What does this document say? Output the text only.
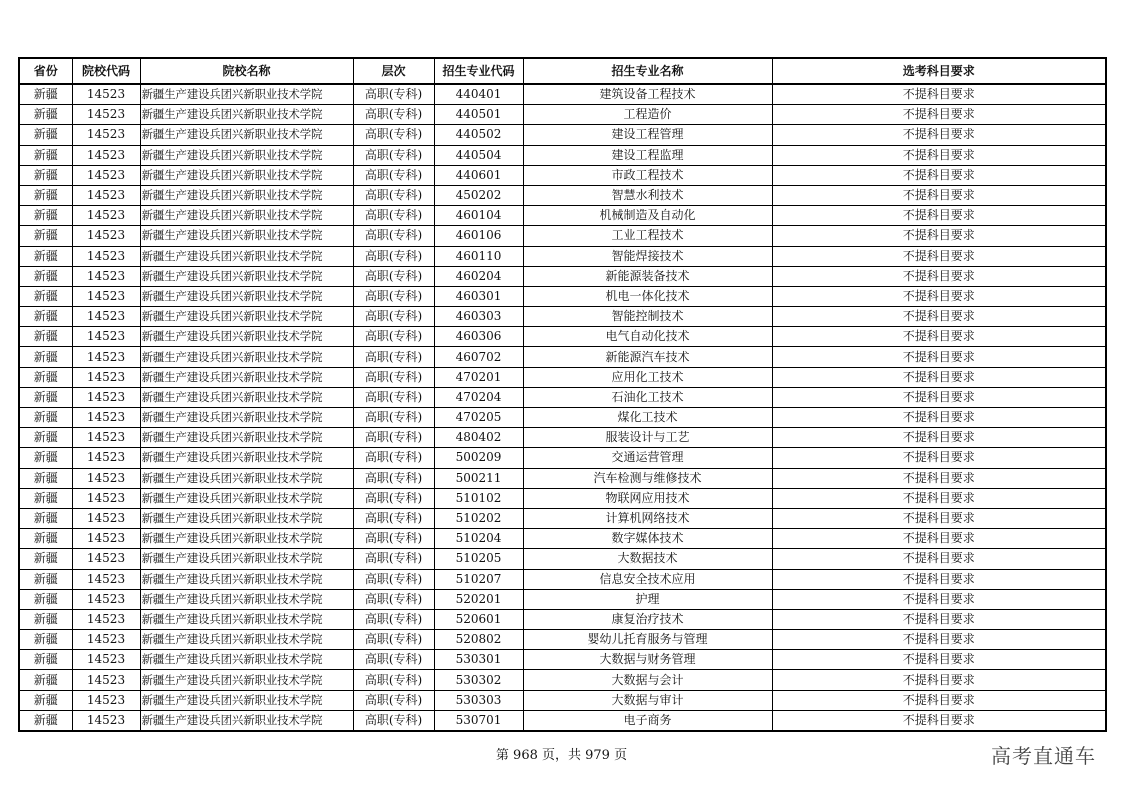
省份	院校代码	院校名称	层次	招生专业代码	招生专业名称	选考科目要求
新疆	14523	新疆生产建设兵团兴新职业技术学院	高职(专科)	440401	建筑设备工程技术	不提科目要求
新疆	14523	新疆生产建设兵团兴新职业技术学院	高职(专科)	440501	工程造价	不提科目要求
新疆	14523	新疆生产建设兵团兴新职业技术学院	高职(专科)	440502	建设工程管理	不提科目要求
新疆	14523	新疆生产建设兵团兴新职业技术学院	高职(专科)	440504	建设工程监理	不提科目要求
新疆	14523	新疆生产建设兵团兴新职业技术学院	高职(专科)	440601	市政工程技术	不提科目要求
新疆	14523	新疆生产建设兵团兴新职业技术学院	高职(专科)	450202	智慧水利技术	不提科目要求
新疆	14523	新疆生产建设兵团兴新职业技术学院	高职(专科)	460104	机械制造及自动化	不提科目要求
新疆	14523	新疆生产建设兵团兴新职业技术学院	高职(专科)	460106	工业工程技术	不提科目要求
新疆	14523	新疆生产建设兵团兴新职业技术学院	高职(专科)	460110	智能焊接技术	不提科目要求
新疆	14523	新疆生产建设兵团兴新职业技术学院	高职(专科)	460204	新能源装备技术	不提科目要求
新疆	14523	新疆生产建设兵团兴新职业技术学院	高职(专科)	460301	机电一体化技术	不提科目要求
新疆	14523	新疆生产建设兵团兴新职业技术学院	高职(专科)	460303	智能控制技术	不提科目要求
新疆	14523	新疆生产建设兵团兴新职业技术学院	高职(专科)	460306	电气自动化技术	不提科目要求
新疆	14523	新疆生产建设兵团兴新职业技术学院	高职(专科)	460702	新能源汽车技术	不提科目要求
新疆	14523	新疆生产建设兵团兴新职业技术学院	高职(专科)	470201	应用化工技术	不提科目要求
新疆	14523	新疆生产建设兵团兴新职业技术学院	高职(专科)	470204	石油化工技术	不提科目要求
新疆	14523	新疆生产建设兵团兴新职业技术学院	高职(专科)	470205	煤化工技术	不提科目要求
新疆	14523	新疆生产建设兵团兴新职业技术学院	高职(专科)	480402	服装设计与工艺	不提科目要求
新疆	14523	新疆生产建设兵团兴新职业技术学院	高职(专科)	500209	交通运营管理	不提科目要求
新疆	14523	新疆生产建设兵团兴新职业技术学院	高职(专科)	500211	汽车检测与维修技术	不提科目要求
新疆	14523	新疆生产建设兵团兴新职业技术学院	高职(专科)	510102	物联网应用技术	不提科目要求
新疆	14523	新疆生产建设兵团兴新职业技术学院	高职(专科)	510202	计算机网络技术	不提科目要求
新疆	14523	新疆生产建设兵团兴新职业技术学院	高职(专科)	510204	数字媒体技术	不提科目要求
新疆	14523	新疆生产建设兵团兴新职业技术学院	高职(专科)	510205	大数据技术	不提科目要求
新疆	14523	新疆生产建设兵团兴新职业技术学院	高职(专科)	510207	信息安全技术应用	不提科目要求
新疆	14523	新疆生产建设兵团兴新职业技术学院	高职(专科)	520201	护理	不提科目要求
新疆	14523	新疆生产建设兵团兴新职业技术学院	高职(专科)	520601	康复治疗技术	不提科目要求
新疆	14523	新疆生产建设兵团兴新职业技术学院	高职(专科)	520802	婴幼儿托育服务与管理	不提科目要求
新疆	14523	新疆生产建设兵团兴新职业技术学院	高职(专科)	530301	大数据与财务管理	不提科目要求
新疆	14523	新疆生产建设兵团兴新职业技术学院	高职(专科)	530302	大数据与会计	不提科目要求
新疆	14523	新疆生产建设兵团兴新职业技术学院	高职(专科)	530303	大数据与审计	不提科目要求
新疆	14523	新疆生产建设兵团兴新职业技术学院	高职(专科)	530701	电子商务	不提科目要求
第 968 页，共 979 页	高考直通车
